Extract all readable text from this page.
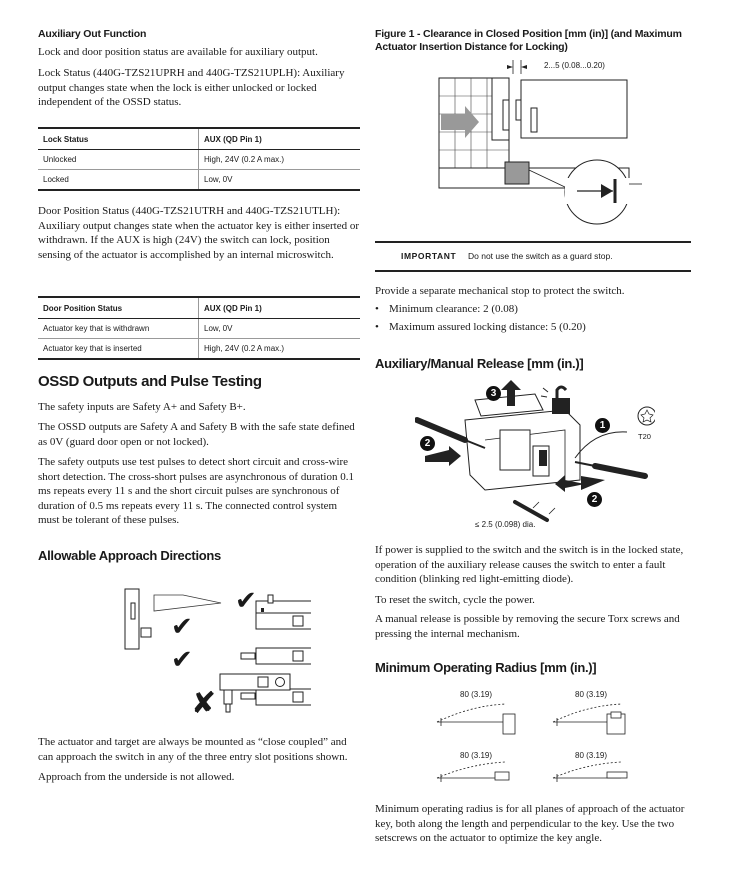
Auxiliary Out Function

Lock and door position status are available for auxiliary output.

Lock Status (440G-TZS21UPRH and 440G-TZS21UPLH): Auxiliary output changes state when the lock is either unlocked or locked independent of the OSSD status.

Lock Status	AUX (QD Pin 1)
Unlocked	High, 24V (0.2 A max.)
Locked	Low, 0V

Door Position Status (440G-TZS21UTRH and 440G-TZS21UTLH): Auxiliary output changes state when the actuator key is either inserted or withdrawn. If the AUX is high (24V) the switch can lock, position sensing of the actuator is accomplished by an internal microswitch.

Door Position Status	AUX (QD Pin 1)
Actuator key that is withdrawn	Low, 0V
Actuator key that is inserted	High, 24V (0.2 A max.)
OSSD Outputs and Pulse Testing

The safety inputs are Safety A+ and Safety B+.

The OSSD outputs are Safety A and Safety B with the safe state defined as 0V (guard door open or not locked).

The safety outputs use test pulses to detect short circuit and cross-wire short detection. The cross-short pulses are asynchronous of duration 0.1 ms repeats every 11 s and the short circuit pulses are synchronous of duration of 0.5 ms repeats every 11 s. The connected control system must be tolerant of these pulses.

Allowable Approach Directions
✔
✔
✔
✘

The actuator and target are always be mounted as “close coupled” and can approach the switch in any of the three entry slot positions shown.

Approach from the underside is not allowed.

Figure 1 - Clearance in Closed Position [mm (in)] (and Maximum Actuator Insertion Distance for Locking)
2...5 (0.08...0.20)
IMPORTANT Do not use the switch as a guard stop.

Provide a separate mechanical stop to protect the switch.

• Minimum clearance: 2 (0.08)
• Maximum assured locking distance: 5 (0.20)
Auxiliary/Manual Release [mm (in.)]
3
2
1
2
T20
≤ 2.5 (0.098) dia.

If power is supplied to the switch and the switch is in the locked state, operation of the auxiliary release causes the switch to enter a fault condition (blinking red light-emitting diode).

To reset the switch, cycle the power.

A manual release is possible by removing the secure Torx screws and pressing the internal mechanism.

Minimum Operating Radius [mm (in.)]
80 (3.19)	80 (3.19)
80 (3.19)	80 (3.19)

Minimum operating radius is for all planes of approach of the actuator key, both along the length and perpendicular to the key. Use the two setscrews on the actuator to optimize the key angle.
